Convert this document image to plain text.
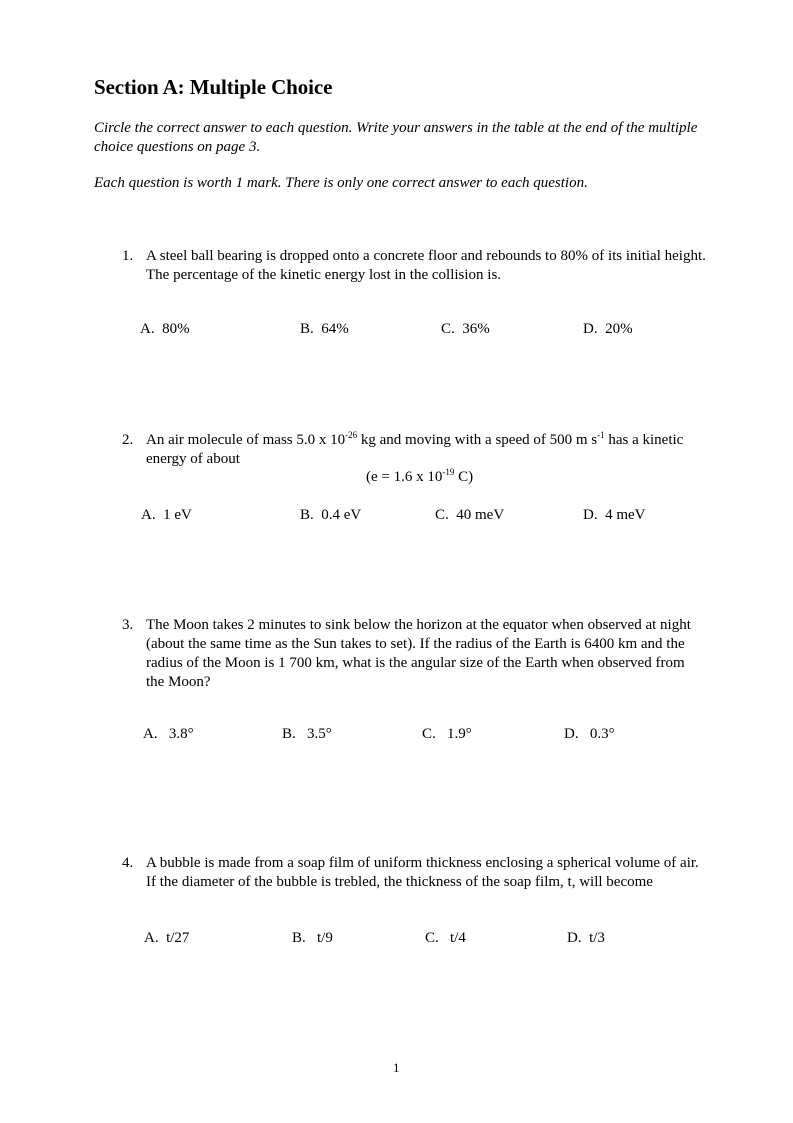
Section A: Multiple Choice
Circle the correct answer to each question. Write your answers in the table at the end of the multiple choice questions on page 3.
Each question is worth 1 mark. There is only one correct answer to each question.
1. A steel ball bearing is dropped onto a concrete floor and rebounds to 80% of its initial height. The percentage of the kinetic energy lost in the collision is.
A. 80%	B. 64%	C. 36%	D. 20%
2. An air molecule of mass 5.0 x $10^{-26}$ kg and moving with a speed of 500 m $s^{-1}$ has a kinetic energy of about
(e = 1.6 x $10^{-19}$ C)
A. 1 eV	B. 0.4 eV	C. 40 meV	D. 4 meV
3. The Moon takes 2 minutes to sink below the horizon at the equator when observed at night (about the same time as the Sun takes to set). If the radius of the Earth is 6400 km and the radius of the Moon is 1 700 km, what is the angular size of the Earth when observed from the Moon?
A. 3.8°	B. 3.5°	C. 1.9°	D. 0.3°
4. A bubble is made from a soap film of uniform thickness enclosing a spherical volume of air. If the diameter of the bubble is trebled, the thickness of the soap film, t, will become
A. t/27	B. t/9	C. t/4	D. t/3
1
